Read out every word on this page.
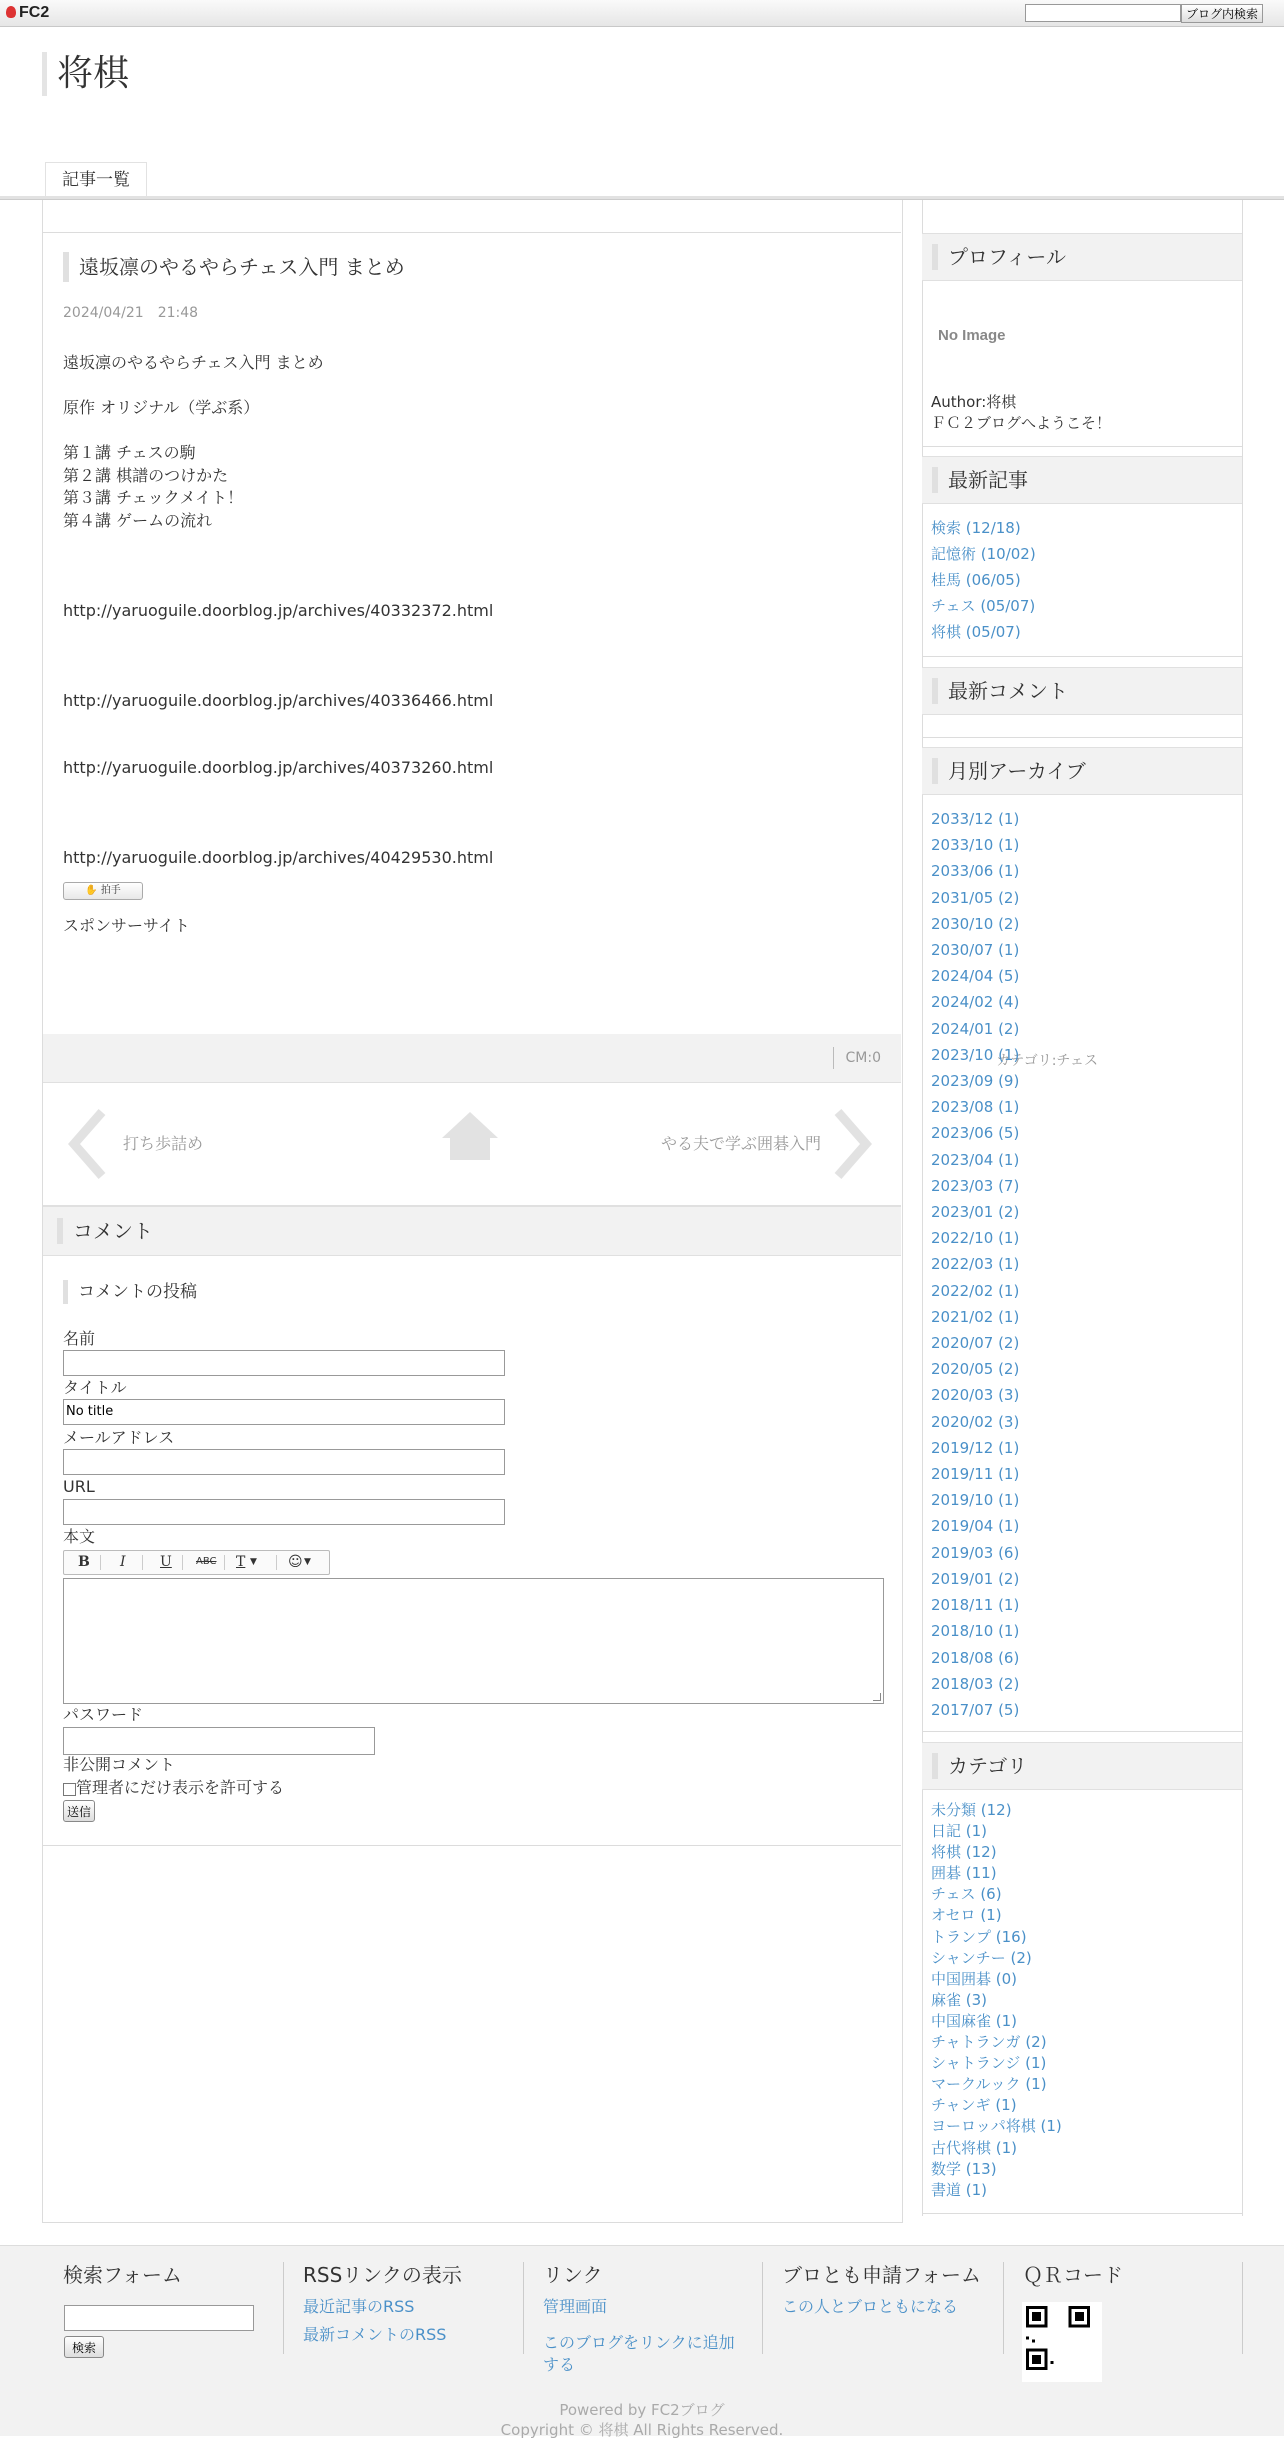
FC2	ブログ内検索
将棋
記事一覧
遠坂凛のやるやらチェス入門 まとめ
2024/04/21　21:48

遠坂凛のやるやらチェス入門 まとめ

原作 オリジナル（学ぶ系）

第１講 チェスの駒

第２講 棋譜のつけかた

第３講 チェックメイト！

第４講 ゲームの流れ

http://yaruoguile.doorblog.jp/archives/40332372.html

http://yaruoguile.doorblog.jp/archives/40336466.html

http://yaruoguile.doorblog.jp/archives/40373260.html

http://yaruoguile.doorblog.jp/archives/40429530.html

✋ 拍手
スポンサーサイト
カテゴリ:チェス
CM:0
打ち歩詰め	やる夫で学ぶ囲碁入門
コメント
コメントの投稿
名前
タイトル
No title
メールアドレス
URL
本文
B I U ABC T ▼ ☺ ▼
パスワード
非公開コメント
管理者にだけ表示を許可する
送信
プロフィール
No Image
Author:将棋
ＦＣ２ブログへようこそ！
最新記事
検索 (12/18)
記憶術 (10/02)
桂馬 (06/05)
チェス (05/07)
将棋 (05/07)
最新コメント
月別アーカイブ
2033/12 (1)
2033/10 (1)
2033/06 (1)
2031/05 (2)
2030/10 (2)
2030/07 (1)
2024/04 (5)
2024/02 (4)
2024/01 (2)
2023/10 (1)
2023/09 (9)
2023/08 (1)
2023/06 (5)
2023/04 (1)
2023/03 (7)
2023/01 (2)
2022/10 (1)
2022/03 (1)
2022/02 (1)
2021/02 (1)
2020/07 (2)
2020/05 (2)
2020/03 (3)
2020/02 (3)
2019/12 (1)
2019/11 (1)
2019/10 (1)
2019/04 (1)
2019/03 (6)
2019/01 (2)
2018/11 (1)
2018/10 (1)
2018/08 (6)
2018/03 (2)
2017/07 (5)
カテゴリ
未分類 (12)
日記 (1)
将棋 (12)
囲碁 (11)
チェス (6)
オセロ (1)
トランプ (16)
シャンチー (2)
中国囲碁 (0)
麻雀 (3)
中国麻雀 (1)
チャトランガ (2)
シャトランジ (1)
マークルック (1)
チャンギ (1)
ヨーロッパ将棋 (1)
古代将棋 (1)
数学 (13)
書道 (1)
検索フォーム
検索
RSSリンクの表示
最近記事のRSS
最新コメントのRSS
リンク
管理画面
このブログをリンクに追加する
ブロとも申請フォーム
この人とブロともになる
ＱＲコード
Powered by FC2ブログ
Copyright © 将棋 All Rights Reserved.
